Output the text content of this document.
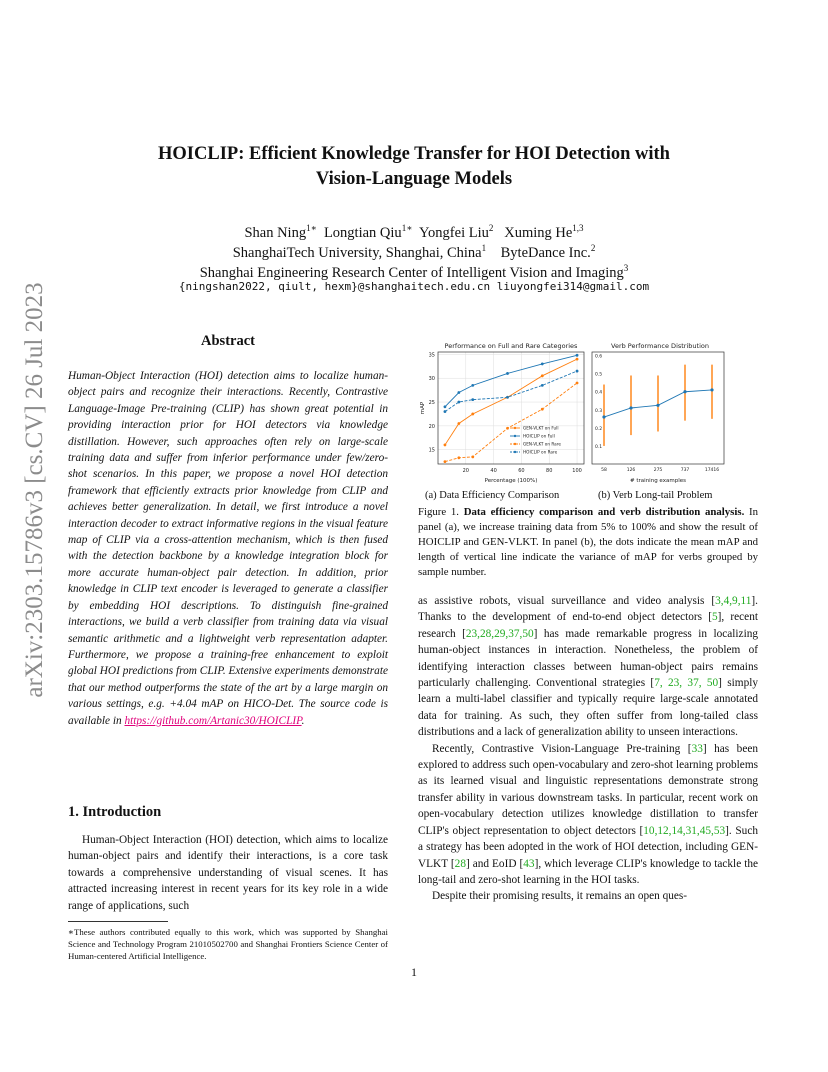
arXiv:2303.15786v3 [cs.CV] 26 Jul 2023
HOICLIP: Efficient Knowledge Transfer for HOI Detection with
Vision-Language Models
Shan Ning$^{1∗}$ Longtian Qiu$^{1∗}$ Yongfei Liu$^2$ Xuming He$^{1,3}$
ShanghaiTech University, Shanghai, China$^1$ ByteDance Inc.$^2$
Shanghai Engineering Research Center of Intelligent Vision and Imaging$^3$
{ningshan2022, qiult, hexm}@shanghaitech.edu.cn liuyongfei314@gmail.com
Abstract
Human-Object Interaction (HOI) detection aims to localize human-object pairs and recognize their interactions. Recently, Contrastive Language-Image Pre-training (CLIP) has shown great potential in providing interaction prior for HOI detectors via knowledge distillation. However, such approaches often rely on large-scale training data and suffer from inferior performance under few/zero-shot scenarios. In this paper, we propose a novel HOI detection framework that efficiently extracts prior knowledge from CLIP and achieves better generalization. In detail, we first introduce a novel interaction decoder to extract informative regions in the visual feature map of CLIP via a cross-attention mechanism, which is then fused with the detection backbone by a knowledge integration block for more accurate human-object pair detection. In addition, prior knowledge in CLIP text encoder is leveraged to generate a classifier by embedding HOI descriptions. To distinguish fine-grained interactions, we build a verb classifier from training data via visual semantic arithmetic and a lightweight verb representation adapter. Furthermore, we propose a training-free enhancement to exploit global HOI predictions from CLIP. Extensive experiments demonstrate that our method outperforms the state of the art by a large margin on various settings, e.g. +4.04 mAP on HICO-Det. The source code is available in https://github.com/Artanic30/HOICLIP.
1. Introduction

Human-Object Interaction (HOI) detection, which aims to localize human-object pairs and identify their interactions, is a core task towards a comprehensive understanding of visual scenes. It has attracted increasing interest in recent years for its key role in a wide range of applications, such

∗These authors contributed equally to this work, which was supported by Shanghai Science and Technology Program 21010502700 and Shanghai Frontiers Science Center of Human-centered Artificial Intelligence.
Performance on Full and Rare Categories
20	40	60	80	100
15
20
25
30
35
GEN-VLKT on Full
HOICLIP on Full
GEN-VLKT on Rare
HOICLIP on Rare
Percentage (100%)
mAP
(a) Data Efficiency Comparison
Verb Performance Distribution
0.1
0.2
0.3
0.4
0.5
0.6
58	126	275	737	17416
# training examples
(b) Verb Long-tail Problem
Figure 1. Data efficiency comparison and verb distribution analysis. In panel (a), we increase training data from 5% to 100% and show the result of HOICLIP and GEN-VLKT. In panel (b), the dots indicate the mean mAP and length of vertical line indicate the variance of mAP for verbs grouped by sample number.

as assistive robots, visual surveillance and video analysis [3,4,9,11]. Thanks to the development of end-to-end object detectors [5], recent research [23,28,29,37,50] has made remarkable progress in localizing human-object instances in interaction. Nonetheless, the problem of identifying interaction classes between human-object pairs remains particularly challenging. Conventional strategies [7, 23, 37, 50] simply learn a multi-label classifier and typically require large-scale annotated data for training. As such, they often suffer from long-tailed class distributions and a lack of generalization ability to unseen interactions.

Recently, Contrastive Vision-Language Pre-training [33] has been explored to address such open-vocabulary and zero-shot learning problems as its learned visual and linguistic representations demonstrate strong transfer ability in various downstream tasks. In particular, recent work on open-vocabulary detection utilizes knowledge distillation to transfer CLIP's object representation to object detectors [10,12,14,31,45,53]. Such a strategy has been adopted in the work of HOI detection, including GEN-VLKT [28] and EoID [43], which leverage CLIP's knowledge to tackle the long-tail and zero-shot learning in the HOI tasks.

Despite their promising results, it remains an open ques-

1
